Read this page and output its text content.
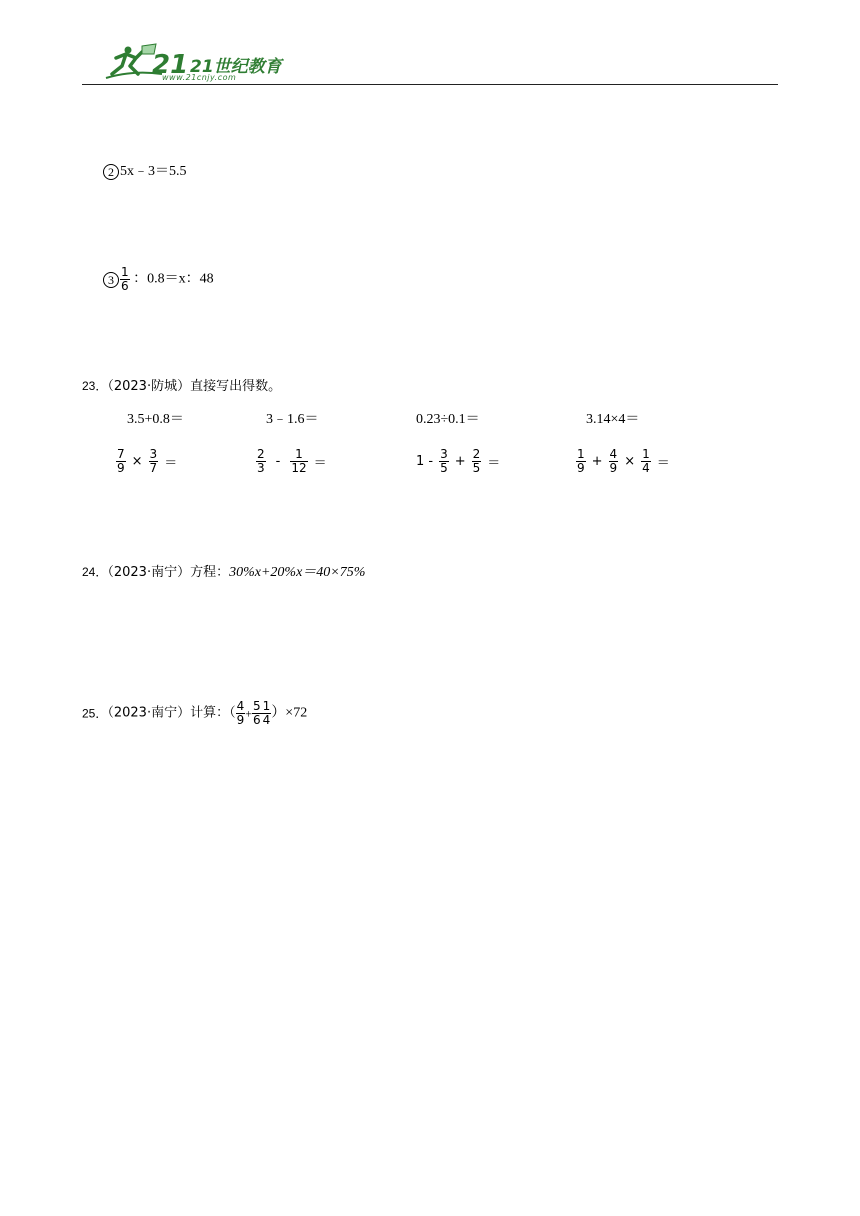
21 21世纪教育
www.21cnjy.com
2 5x﹣3＝5.5
$3 \frac{1}{6}$ ：0.8＝x：48
23．（2023·防城）直接写出得数。
3.5+0.8＝	3﹣1.6＝	0.23÷0.1＝	3.14×4＝
$\frac{7}{9} \times \frac{3}{7}$ ＝	$\frac{2}{3} - \frac{1}{12}$ ＝	$1 - \frac{3}{5} + \frac{2}{5}$ ＝	$\frac{1}{9} + \frac{4}{9} \times \frac{1}{4}$ ＝
24．（2023·南宁）方程：30%x+20%x＝40×75%
25．（2023·南宁）计算：（ $\frac{4}{9} + \frac{5}{6} \frac{1}{4} )\times 72$
